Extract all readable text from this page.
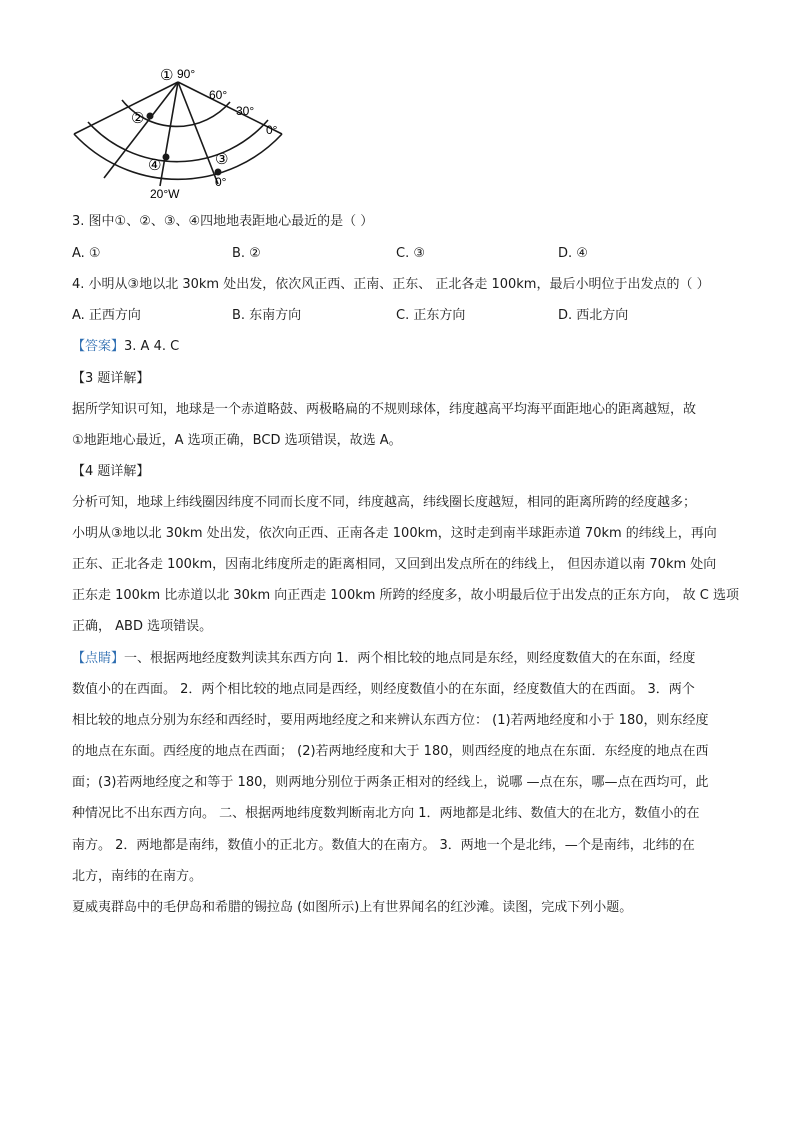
① 90°
60°
30°
0°
②
④	③
0°
20°W
3. 图中①、②、③、④四地地表距地心最近的是（ ）
A. ①	B. ②	C. ③	D. ④
4. 小明从③地以北 30km 处出发，依次风正西、正南、正东、 正北各走 100km，最后小明位于出发点的（ ）
A. 正西方向	B. 东南方向	C. 正东方向	D. 西北方向
【答案】3. A 4. C
【3 题详解】
据所学知识可知，地球是一个赤道略鼓、两极略扁的不规则球体，纬度越高平均海平面距地心的距离越短，故
①地距地心最近，A 选项正确，BCD 选项错误，故选 A。
【4 题详解】
分析可知，地球上纬线圈因纬度不同而长度不同，纬度越高，纬线圈长度越短，相同的距离所跨的经度越多；
小明从③地以北 30km 处出发，依次向正西、正南各走 100km，这时走到南半球距赤道 70km 的纬线上，再向
正东、正北各走 100km，因南北纬度所走的距离相同，又回到出发点所在的纬线上， 但因赤道以南 70km 处向
正东走 100km 比赤道以北 30km 向正西走 100km 所跨的经度多，故小明最后位于出发点的正东方向， 故 C 选项
正确， ABD 选项错误。
【点睛】一、根据两地经度数判读其东西方向 1．两个相比较的地点同是东经，则经度数值大的在东面，经度
数值小的在西面。 2．两个相比较的地点同是西经，则经度数值小的在东面，经度数值大的在西面。 3．两个
相比较的地点分别为东经和西经时，要用两地经度之和来辨认东西方位： (1)若两地经度和小于 180，则东经度
的地点在东面。西经度的地点在西面； (2)若两地经度和大于 180，则西经度的地点在东面．东经度的地点在西
面；(3)若两地经度之和等于 180，则两地分别位于两条正相对的经线上，说哪 —点在东，哪—点在西均可，此
种情况比不出东西方向。 二、根据两地纬度数判断南北方向 1．两地都是北纬、数值大的在北方，数值小的在
南方。 2．两地都是南纬，数值小的正北方。数值大的在南方。 3．两地一个是北纬，—个是南纬，北纬的在
北方，南纬的在南方。
夏威夷群岛中的毛伊岛和希腊的锡拉岛 (如图所示)上有世界闻名的红沙滩。读图，完成下列小题。
